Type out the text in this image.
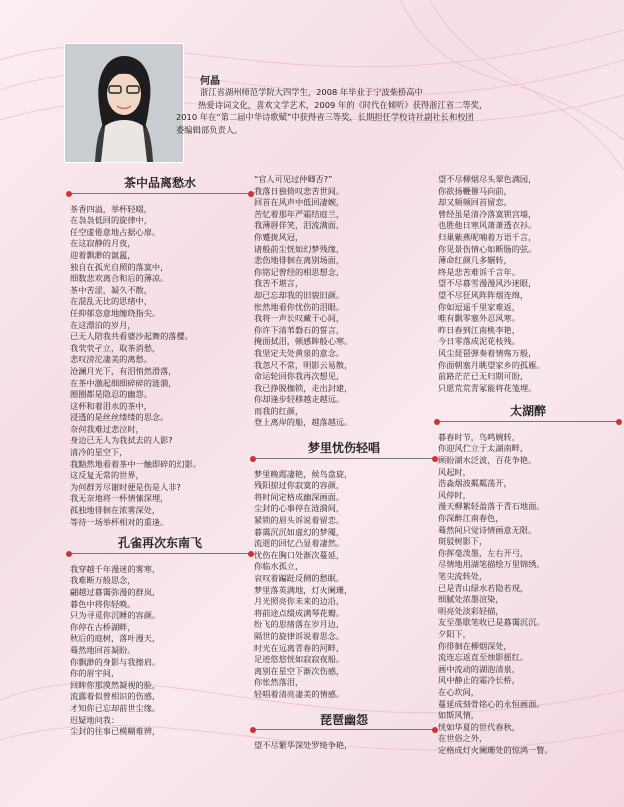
何晶

浙江省湖州师范学院大四学生，2008 年毕业于宁波柴桥高中

热爱诗词文化，喜欢文学艺术，2009 年的《时代在倾听》获得浙江省二等奖，

2010 年在“第二届中华诗歌赋”中获得省三等奖，长期担任学校诗社副社长和校团

委编辑部负责人。

茶中品离愁水

茶香四溢，举杯轻啜，

在袅袅低回的旋律中，

任空虚倦意地占据心扉。

在这寂静的月夜，

迎着飘渺的氤氲，

独自在孤光自照的落寞中，

细数悲欢离合和后的薄凉。

茶中苦涩，凝久不散，

在混乱无比的思绪中，

任抑郁恣意地缠绕指尖。

在这漂泊的岁月，

已无人陪我共看婆沙起舞的落樱。

我茕茕孑立，取茶消愁，

悲叹滂沱凄美的离愁。

沧澜月光下，有泪悄然滑落，

在茶中激起细细碎碎的涟漪，

圈圈都是隐忍的幽怨。

这杯和着泪水的茶中，

浸透的是丝丝缕缕的思念。

奈何我难过悲泣时，

身边已无人为我拭去的人影?

清冷的星空下，

我黯然地看着茶中一触即碎的幻影。

这反复无常的世界，

为何群芳尽谢时便是伤是人非?

我无奈地将一杯情愫深埋，

孤独地徘徊在浓雾深处，

等待一场举杯相对的重逢。

孔雀再次东南飞

我穿越千年漫迷的雾寒，

我难断万般思念，

翩越过暮霭弥漫的群岚，

暮色中将你轻唤。

只为寻觅你沉睡的容颜。

你停在古桥湖畔，

秋后的庭树，落叶漫天，

蓦然地回首凝盼。

你飘渺的身影与我擦肩。

你的眉宇间，

回眸你那漠然凝视的脸，

流露着似曾相识的伤感，

才知你已忘却前世尘缘。

迟疑地问我：

尘封的往事已模糊难辨，

“官人可见过仲卿否?”

我落日独倚叹悲苦世间。

回首在风声中低回凄婉，

苦忆着那年严霜结庭兰，

我薄唇佯笑，泪流满面，

你蹙拢风冠，

诸般前尘恍如幻梦残缘，

悲伤地徘徊在离别场面，

你铭记曾经的相思想念，

我苦不堪言，

却已忘却我的旧貌旧颜。

怅然地看你忧伤的泪眼。

我将一声长叹藏于心间，

你许下清苇磐石的誓言，

掩面拭泪，顿感眸般心寒。

我坚定夫处黄泉的意念。

我忽尺不常，明影云易散，

命运轮回你我再次想见，

我已挣脱枷锁，走出封建，

你却逢步轻移越走越远。

而我的红颜，

登上离岸的船，越落越远。

梦里忧伤轻唱

梦里晚霞凄艳，候鸟盘旋，

残阳掠过你寂寞的容颜，

将时间定格成幽深画面。

尘封的心事停在涟漪间，

紧锁的眉头诉说着留恋。

暮霭沉沉如虚幻的梦魇，

流逝的回忆凸显着凄然。

忧伤在胸口处渐次蔓延，

你临水孤立，

哀叹着蹁跹反侧的愁眠。

梦里落英满地，灯火阑珊，

月光照亮你未来的边沿，

将前途点缀成满琴花瓣。

纷飞的思绪落在岁月边，

隔世的旋律诉说着思念。

时光在远离青春的河畔，

足迹悠悠恍如寂寂夜船。

离别在星空下渐次伤感，

你怅然落泪，

轻唱着清亮凄美的情感。

琵琶幽怨

望不尽繁华深处罗绮争艳，

望不尽柳烟尽头翠色满园，

你欲扬鞭催马向前，

却又频频回首留恋。

曾经虽是清冷落寞锁宫墙，

也胜他日寒风萧萧透衣衫。

归巢紫燕呢喃着万语千言，

你见景伤情心如断肠的弦。

薄命红颜几多辗转，

终是悲苦难诉千言年。

望不尽暮雪漫漫风沙迷眼，

望不尽狂风阵阵烟连绵，

你如逗遥千里家难返，

唯有飘零塞外忍风寒。

昨日春到江南桃李艳，

今日零落成泥花枝残。

风尘琵琶弹奏着情殇万般，

你面朝塞月眺望家乡的孤雁。

前路茫茫已无归期可盼，

只愿荒荒青冢能将花笺埋。

太湖醉

暮春时节，鸟鸣婉转，

你迎风伫立于太湖南畔，

顾盼湖水泛波，百花争艳。

风起时，

浩淼烟波粼粼荡开，

风停时，

漫天柳絮轻盈落于青石地面。

你深醉江南春色，

蓦然间只觉诗情画意无限。

斑驳树影下，

你挥毫泼墨，左右开弓，

尽情地用湖笔描绘万里锦绣。

笔尖流转处，

已是青山绿水若隐若现，

细腻处浓墨渲染，

明亮处淡彩轻描，

友至墨歇笔收已是暮霭沉沉。

夕阳下，

你徘徊在柳烟深处，

流连忘返直至烛影摇红。

画中流动的湖泡清泉，

风中静止的霜冷长桥，

在心坎间，

蔓延成刻骨铭心的永恒画面。

如斯风情，

恍如华夏的世代春秋，

在世俗之外，

定格成灯火阑珊处的惊鸿一瞥。
